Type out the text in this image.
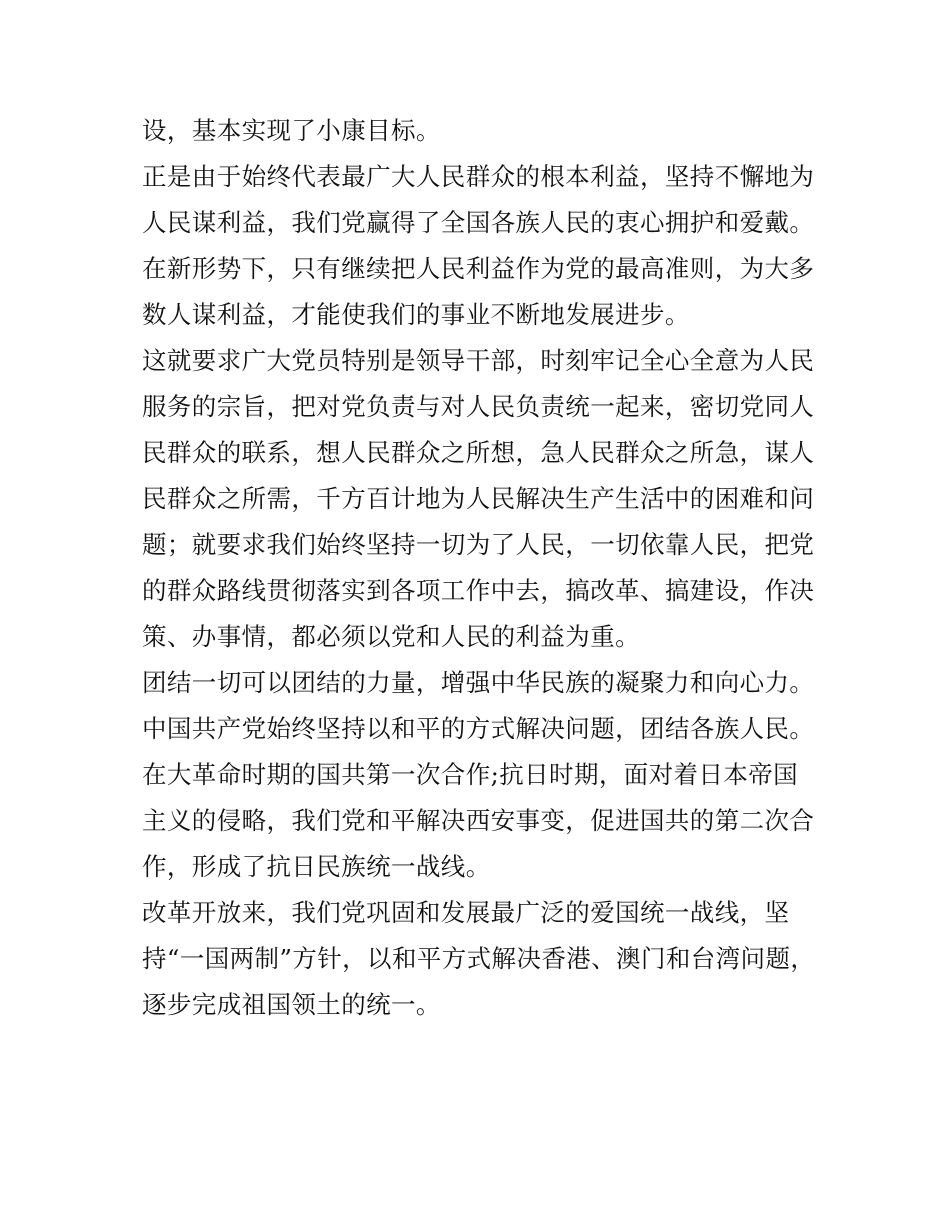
设，基本实现了小康目标。
正是由于始终代表最广大人民群众的根本利益，坚持不懈地为
人民谋利益，我们党赢得了全国各族人民的衷心拥护和爱戴。
在新形势下，只有继续把人民利益作为党的最高准则，为大多
数人谋利益，才能使我们的事业不断地发展进步。
这就要求广大党员特别是领导干部，时刻牢记全心全意为人民
服务的宗旨，把对党负责与对人民负责统一起来，密切党同人
民群众的联系，想人民群众之所想，急人民群众之所急，谋人
民群众之所需，千方百计地为人民解决生产生活中的困难和问
题；就要求我们始终坚持一切为了人民，一切依靠人民，把党
的群众路线贯彻落实到各项工作中去，搞改革、搞建设，作决
策、办事情，都必须以党和人民的利益为重。
团结一切可以团结的力量，增强中华民族的凝聚力和向心力。
中国共产党始终坚持以和平的方式解决问题，团结各族人民。
在大革命时期的国共第一次合作;抗日时期，面对着日本帝国
主义的侵略，我们党和平解决西安事变，促进国共的第二次合
作，形成了抗日民族统一战线。
改革开放来，我们党巩固和发展最广泛的爱国统一战线，坚
持“一国两制”方针，以和平方式解决香港、澳门和台湾问题，
逐步完成祖国领土的统一。
